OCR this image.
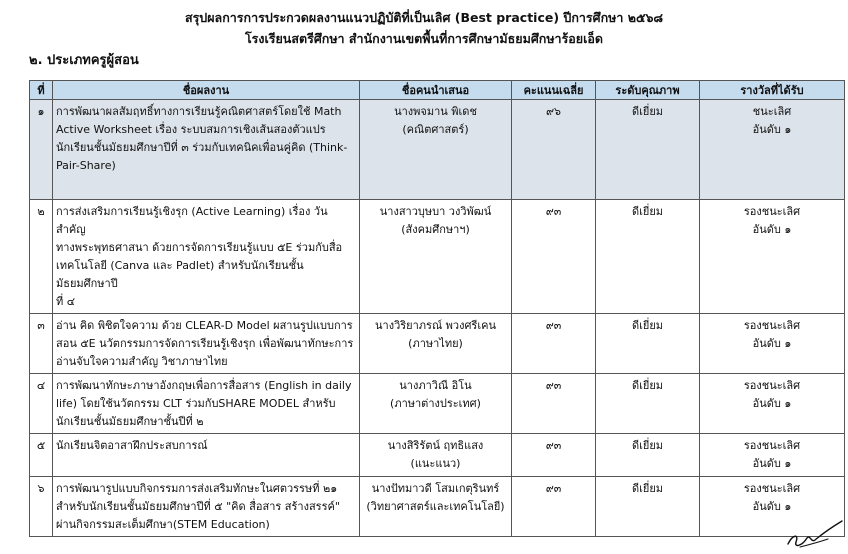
สรุปผลการการประกวดผลงานแนวปฏิบัติที่เป็นเลิศ (Best practice) ปีการศึกษา ๒๕๖๘
โรงเรียนสตรีศึกษา สำนักงานเขตพื้นที่การศึกษามัธยมศึกษาร้อยเอ็ด
๒. ประเภทครูผู้สอน
ที่	ชื่อผลงาน	ชื่อคนนำเสนอ	คะแนนเฉลี่ย	ระดับคุณภาพ	รางวัลที่ได้รับ
๑	การพัฒนาผลสัมฤทธิ์ทางการเรียนรู้คณิตศาสตร์โดยใช้ Math
Active Worksheet เรื่อง ระบบสมการเชิงเส้นสองตัวแปร
นักเรียนชั้นมัธยมศึกษาปีที่ ๓ ร่วมกับเทคนิคเพื่อนคู่คิด (Think-
Pair-Share)	นางพจมาน พิเดช
(คณิตศาสตร์)	๙๖	ดีเยี่ยม	ชนะเลิศ
อันดับ ๑

๒	การส่งเสริมการเรียนรู้เชิงรุก (Active Learning) เรื่อง วันสำคัญ
ทางพระพุทธศาสนา ด้วยการจัดการเรียนรู้แบบ ๕E ร่วมกับสื่อ
เทคโนโลยี (Canva และ Padlet) สำหรับนักเรียนชั้นมัธยมศึกษาปี
ที่ ๔	นางสาวบุษบา วงวิพัฒน์
(สังคมศึกษาฯ)	๙๓	ดีเยี่ยม	รองชนะเลิศ
อันดับ ๑

๓	อ่าน คิด พิชิตใจความ ด้วย CLEAR-D Model ผสานรูปแบบการ
สอน ๕E นวัตกรรมการจัดการเรียนรู้เชิงรุก เพื่อพัฒนาทักษะการ
อ่านจับใจความสำคัญ วิชาภาษาไทย	นางวิริยาภรณ์ พวงศรีเคน
(ภาษาไทย)	๙๓	ดีเยี่ยม	รองชนะเลิศ
อันดับ ๑

๔	การพัฒนาทักษะภาษาอังกฤษเพื่อการสื่อสาร (English in daily
life) โดยใช้นวัตกรรม CLT ร่วมกับSHARE MODEL สำหรับ
นักเรียนชั้นมัธยมศึกษาชั้นปีที่ ๒	นางภาวิณี อิโน
(ภาษาต่างประเทศ)	๙๓	ดีเยี่ยม	รองชนะเลิศ
อันดับ ๑

๕	นักเรียนจิตอาสาฝึกประสบการณ์	นางสิริรัตน์ ฤทธิแสง
(แนะแนว)	๙๓	ดีเยี่ยม	รองชนะเลิศ
อันดับ ๑

๖	การพัฒนารูปแบบกิจกรรมการส่งเสริมทักษะในศตวรรษที่ ๒๑
สำหรับนักเรียนชั้นมัธยมศึกษาปีที่ ๕ "คิด สื่อสาร สร้างสรรค์"
ผ่านกิจกรรมสะเต็มศึกษา(STEM Education)	นางปัทมาวดี โสมเกตุรินทร์
(วิทยาศาสตร์และเทคโนโลยี)	๙๓	ดีเยี่ยม	รองชนะเลิศ
อันดับ ๑
